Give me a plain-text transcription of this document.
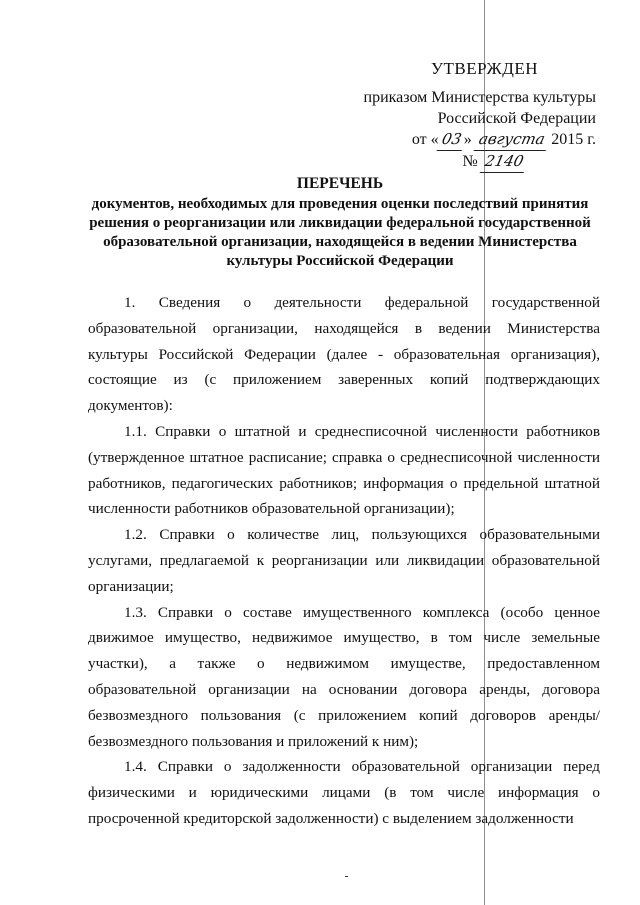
УТВЕРЖДЕН
приказом Министерства культуры
Российской Федерации
от «03» августа 2015 г.
№ 2140
ПЕРЕЧЕНЬ
документов, необходимых для проведения оценки последствий принятия решения о реорганизации или ликвидации федеральной государственной образовательной организации, находящейся в ведении Министерства культуры Российской Федерации

1. Сведения о деятельности федеральной государственной образовательной организации, находящейся в ведении Министерства культуры Российской Федерации (далее - образовательная организация), состоящие из (с приложением заверенных копий подтверждающих документов):

1.1. Справки о штатной и среднесписочной численности работников (утвержденное штатное расписание; справка о среднесписочной численности работников, педагогических работников; информация о предельной штатной численности работников образовательной организации);

1.2. Справки о количестве лиц, пользующихся образовательными услугами, предлагаемой к реорганизации или ликвидации образовательной организации;

1.3. Справки о составе имущественного комплекса (особо ценное движимое имущество, недвижимое имущество, в том числе земельные участки), а также о недвижимом имуществе, предоставленном образовательной организации на основании договора аренды, договора безвозмездного пользования (с приложением копий договоров аренды/безвозмездного пользования и приложений к ним);

1.4. Справки о задолженности образовательной организации перед физическими и юридическими лицами (в том числе информация о просроченной кредиторской задолженности) с выделением задолженности
